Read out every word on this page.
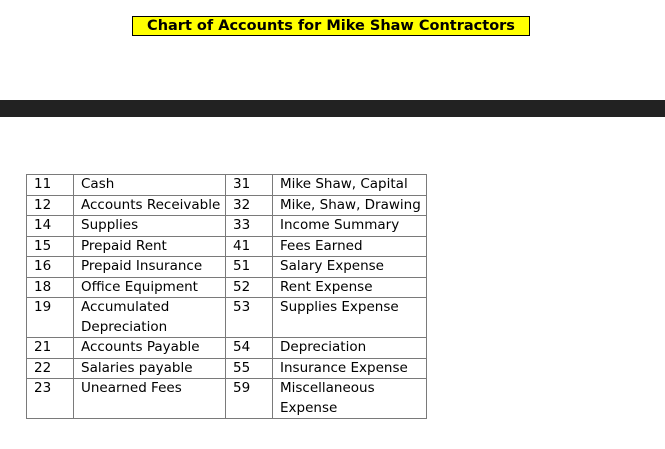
Chart of Accounts for Mike Shaw Contractors
11	Cash	31	Mike Shaw, Capital
12	Accounts Receivable	32	Mike, Shaw, Drawing
14	Supplies	33	Income Summary
15	Prepaid Rent	41	Fees Earned
16	Prepaid Insurance	51	Salary Expense
18	Office Equipment	52	Rent Expense
19	Accumulated Depreciation	53	Supplies Expense
21	Accounts Payable	54	Depreciation
22	Salaries payable	55	Insurance Expense
23	Unearned Fees	59	Miscellaneous Expense
